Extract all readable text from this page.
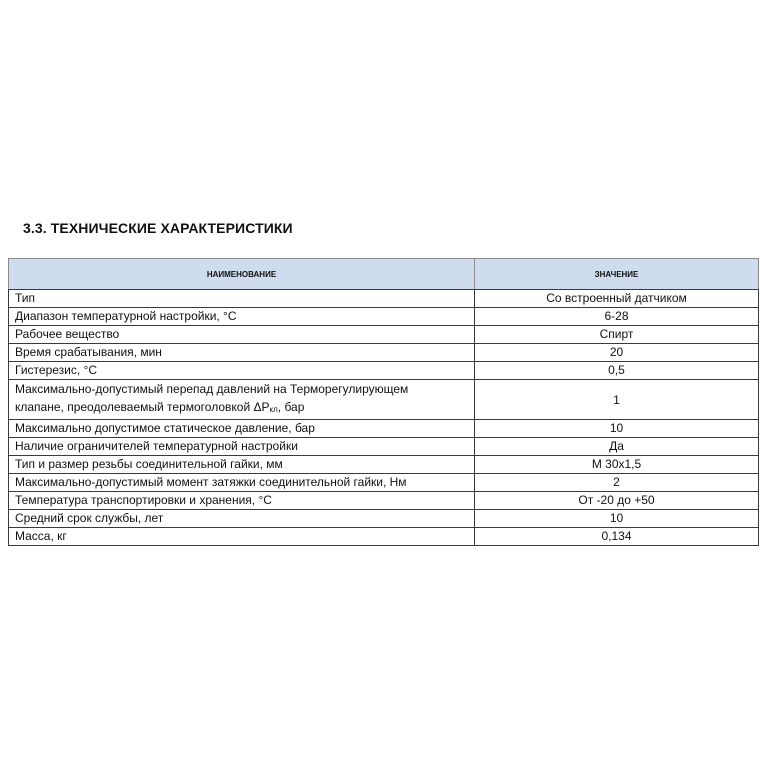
3.3. ТЕХНИЧЕСКИЕ ХАРАКТЕРИСТИКИ
НАИМЕНОВАНИЕ	ЗНАЧЕНИЕ
Тип	Со встроенный датчиком
Диапазон температурной настройки, °С	6-28
Рабочее вещество	Спирт
Время срабатывания, мин	20
Гистерезис, °С	0,5
Максимально-допустимый перепад давлений на Терморегулирующем
клапане, преодолеваемый термоголовкой ΔРкл, бар	1
Максимально допустимое статическое давление, бар	10
Наличие ограничителей температурной настройки	Да
Тип и размер резьбы соединительной гайки, мм	М 30х1,5
Максимально-допустимый момент затяжки соединительной гайки, Нм	2
Температура транспортировки и хранения, °С	От -20 до +50
Средний срок службы, лет	10
Масса, кг	0,134
